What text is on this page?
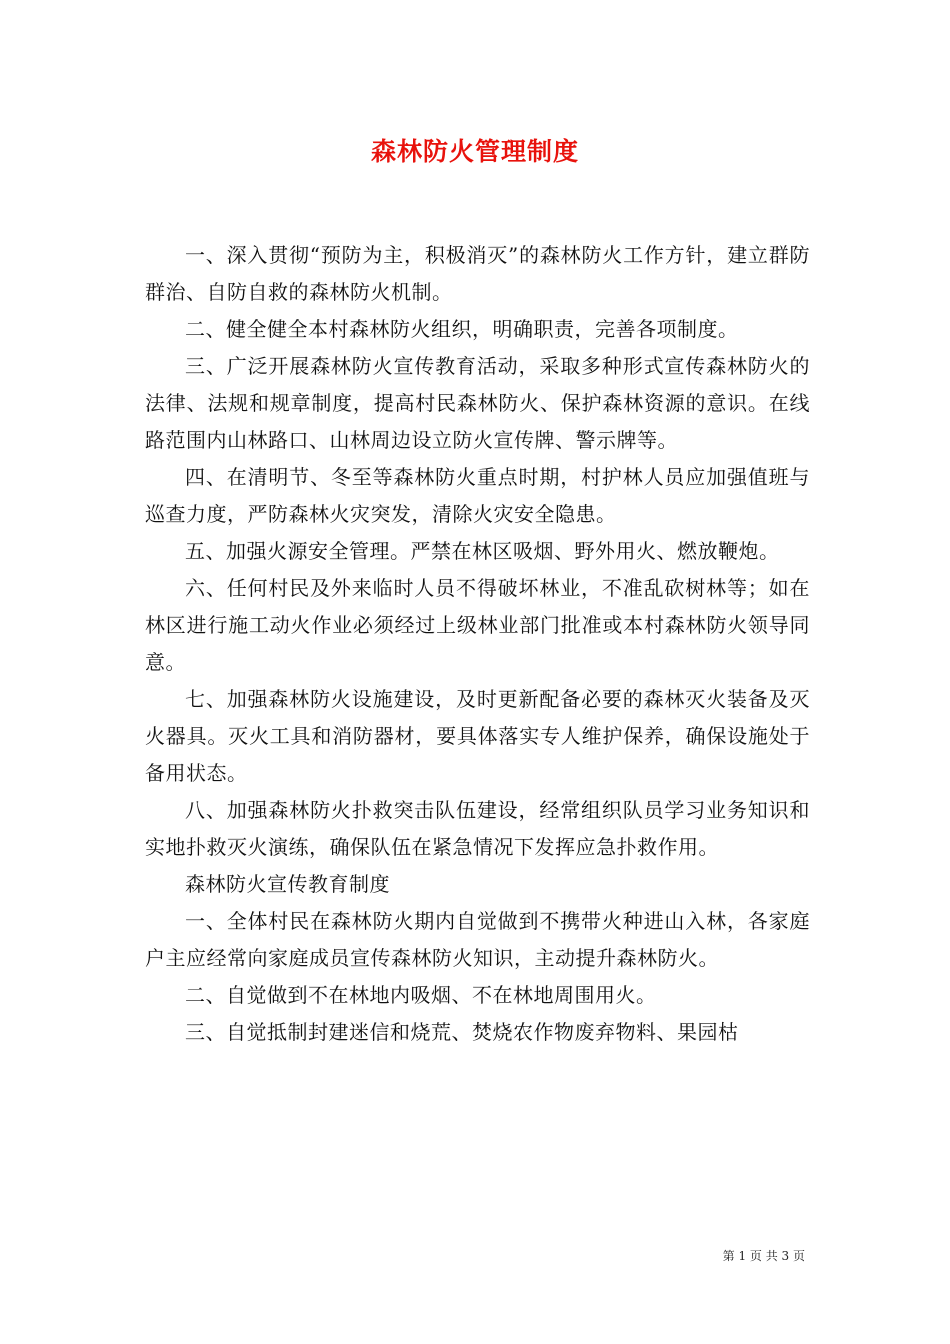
森林防火管理制度

一、深入贯彻“预防为主，积极消灭”的森林防火工作方针，建立群防群治、自防自救的森林防火机制。

二、健全健全本村森林防火组织，明确职责，完善各项制度。

三、广泛开展森林防火宣传教育活动，采取多种形式宣传森林防火的法律、法规和规章制度，提高村民森林防火、保护森林资源的意识。在线路范围内山林路口、山林周边设立防火宣传牌、警示牌等。

四、在清明节、冬至等森林防火重点时期，村护林人员应加强值班与巡查力度，严防森林火灾突发，清除火灾安全隐患。

五、加强火源安全管理。严禁在林区吸烟、野外用火、燃放鞭炮。

六、任何村民及外来临时人员不得破坏林业，不准乱砍树林等；如在林区进行施工动火作业必须经过上级林业部门批准或本村森林防火领导同意。

七、加强森林防火设施建设，及时更新配备必要的森林灭火装备及灭火器具。灭火工具和消防器材，要具体落实专人维护保养，确保设施处于备用状态。

八、加强森林防火扑救突击队伍建设，经常组织队员学习业务知识和实地扑救灭火演练，确保队伍在紧急情况下发挥应急扑救作用。

森林防火宣传教育制度

一、全体村民在森林防火期内自觉做到不携带火种进山入林，各家庭户主应经常向家庭成员宣传森林防火知识，主动提升森林防火。

二、自觉做到不在林地内吸烟、不在林地周围用火。

三、自觉抵制封建迷信和烧荒、焚烧农作物废弃物料、果园枯

第 1 页 共 3 页
